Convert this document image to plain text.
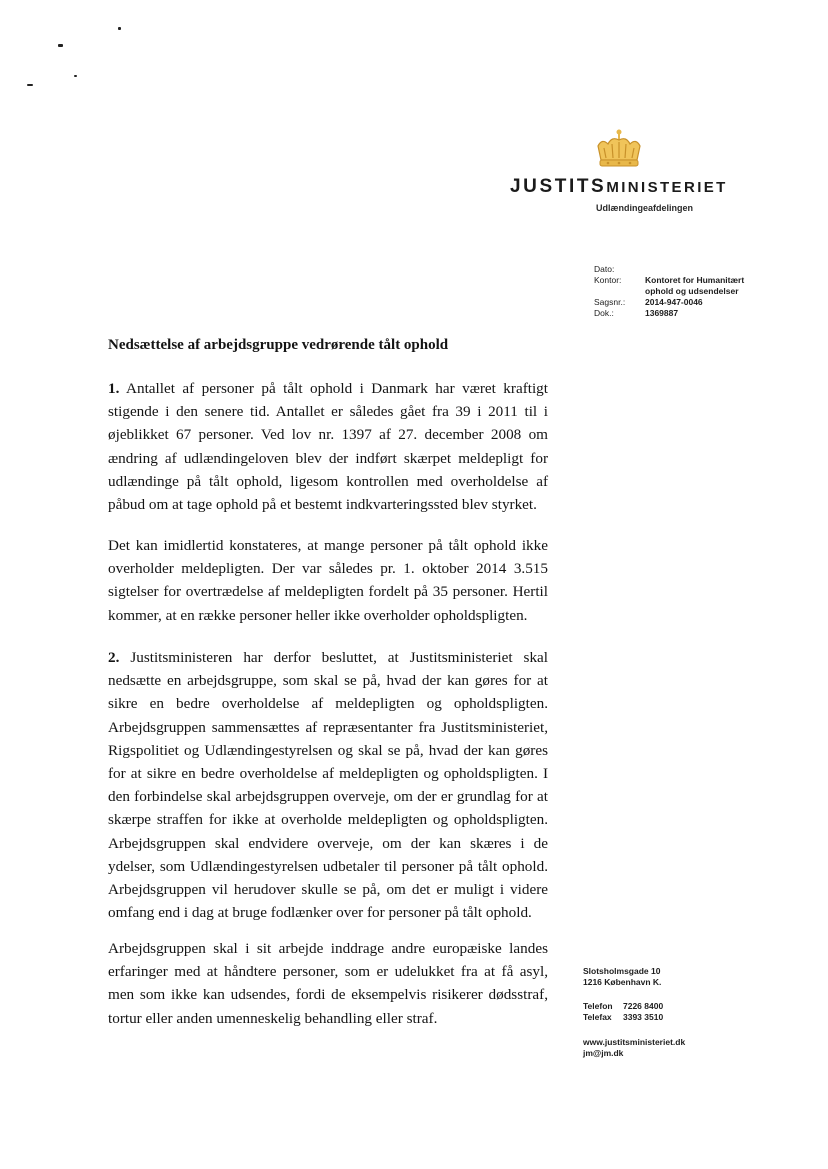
JUSTITSMINISTERIET
Udlændingeafdelingen
Dato:
Kontor:	Kontoret for Humanitært
ophold og udsendelser
Sagsnr.:	2014-947-0046
Dok.:	1369887
Nedsættelse af arbejdsgruppe vedrørende tålt ophold

1. Antallet af personer på tålt ophold i Danmark har været kraftigt stigende i den senere tid. Antallet er således gået fra 39 i 2011 til i øjeblikket 67 personer. Ved lov nr. 1397 af 27. december 2008 om ændring af udlændingeloven blev der indført skærpet meldepligt for udlændinge på tålt ophold, ligesom kontrollen med overholdelse af påbud om at tage ophold på et bestemt indkvarteringssted blev styrket.

Det kan imidlertid konstateres, at mange personer på tålt ophold ikke overholder meldepligten. Der var således pr. 1. oktober 2014 3.515 sigtelser for overtrædelse af meldepligten fordelt på 35 personer. Hertil kommer, at en række personer heller ikke overholder opholdspligten.

2. Justitsministeren har derfor besluttet, at Justitsministeriet skal nedsætte en arbejdsgruppe, som skal se på, hvad der kan gøres for at sikre en bedre overholdelse af meldepligten og opholdspligten. Arbejdsgruppen sammensættes af repræsentanter fra Justitsministeriet, Rigspolitiet og Udlændingestyrelsen og skal se på, hvad der kan gøres for at sikre en bedre overholdelse af meldepligten og opholdspligten. I den forbindelse skal arbejdsgruppen overveje, om der er grundlag for at skærpe straffen for ikke at overholde meldepligten og opholdspligten. Arbejdsgruppen skal endvidere overveje, om der kan skæres i de ydelser, som Udlændingestyrelsen udbetaler til personer på tålt ophold. Arbejdsgruppen vil herudover skulle se på, om det er muligt i videre omfang end i dag at bruge fodlænker over for personer på tålt ophold.

Arbejdsgruppen skal i sit arbejde inddrage andre europæiske landes erfaringer med at håndtere personer, som er udelukket fra at få asyl, men som ikke kan udsendes, fordi de eksempelvis risikerer dødsstraf, tortur eller anden umenneskelig behandling eller straf.

Slotsholmsgade 10
1216 København K.
Telefon 7226 8400
Telefax 3393 3510
www.justitsministeriet.dk
jm@jm.dk
